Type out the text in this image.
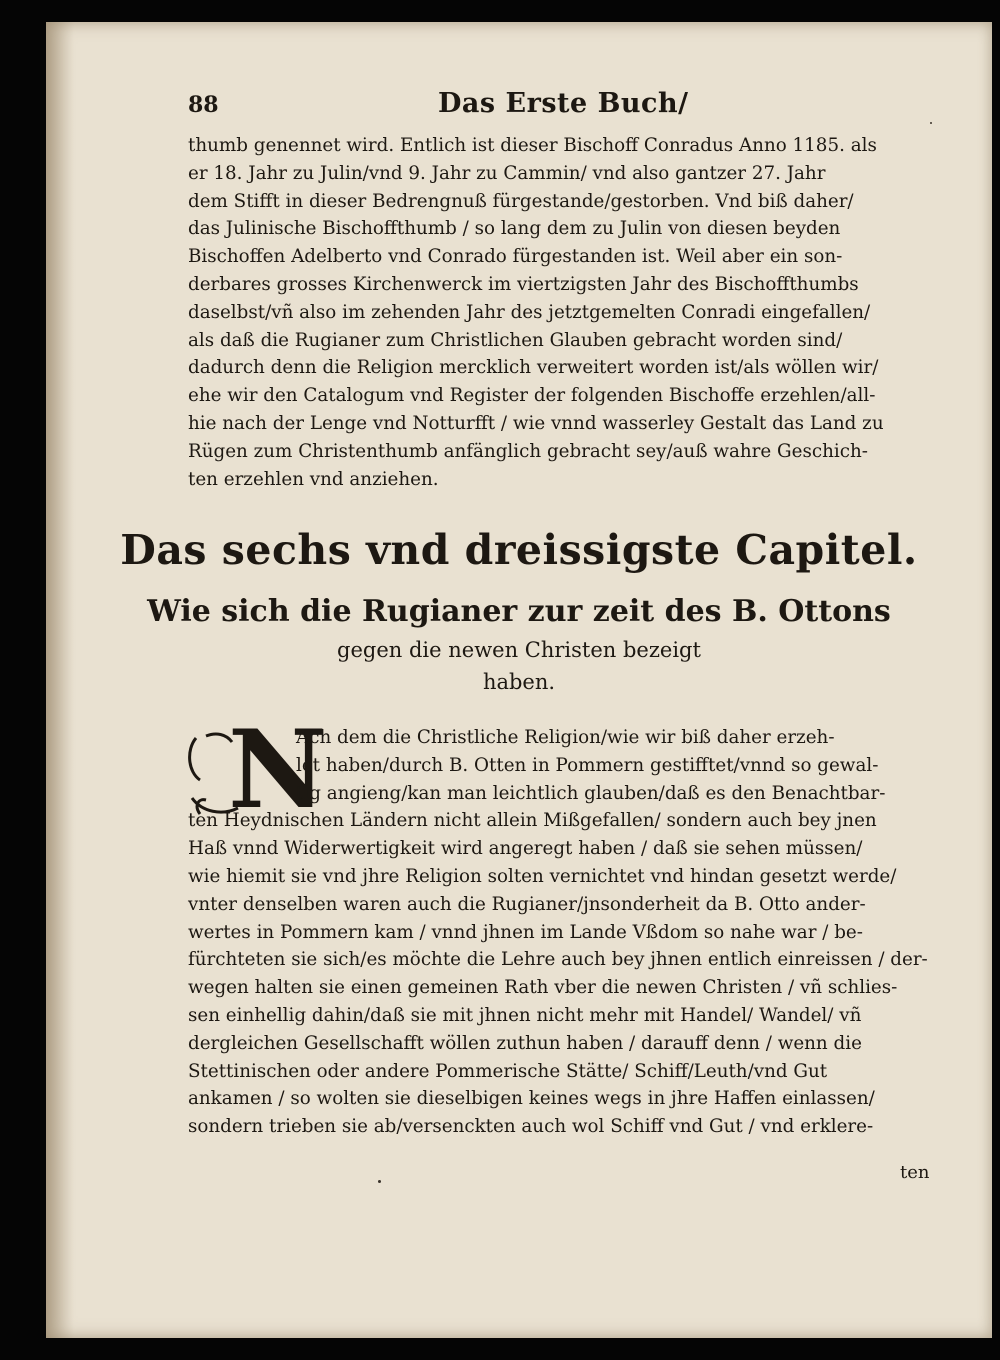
88	Das Erste Buch/
thumb genennet wird. Entlich ist dieser Bischoff Conradus Anno 1185. als
er 18. Jahr zu Julin/vnd 9. Jahr zu Cammin/ vnd also gantzer 27. Jahr
dem Stifft in dieser Bedrengnuß fürgestande/gestorben. Vnd biß daher/
das Julinische Bischoffthumb / so lang dem zu Julin von diesen beyden
Bischoffen Adelberto vnd Conrado fürgestanden ist. Weil aber ein son-
derbares grosses Kirchenwerck im viertzigsten Jahr des Bischoffthumbs
daselbst/vñ also im zehenden Jahr des jetztgemelten Conradi eingefallen/
als daß die Rugianer zum Christlichen Glauben gebracht worden sind/
dadurch denn die Religion mercklich verweitert worden ist/als wöllen wir/
ehe wir den Catalogum vnd Register der folgenden Bischoffe erzehlen/all-
hie nach der Lenge vnd Notturfft / wie vnnd wasserley Gestalt das Land zu
Rügen zum Christenthumb anfänglich gebracht sey/auß wahre Geschich-
ten erzehlen vnd anziehen.
Das sechs vnd dreissigste Capitel.
Wie sich die Rugianer zur zeit des B. Ottons
gegen die newen Christen bezeigt
haben.
N
Ach dem die Christliche Religion/wie wir biß daher erzeh-
let haben/durch B. Otten in Pommern gestifftet/vnnd so gewal-
tig angieng/kan man leichtlich glauben/daß es den Benachtbar-
ten Heydnischen Ländern nicht allein Mißgefallen/ sondern auch bey jnen
Haß vnnd Widerwertigkeit wird angeregt haben / daß sie sehen müssen/
wie hiemit sie vnd jhre Religion solten vernichtet vnd hindan gesetzt werde/
vnter denselben waren auch die Rugianer/jnsonderheit da B. Otto ander-
wertes in Pommern kam / vnnd jhnen im Lande Vßdom so nahe war / be-
fürchteten sie sich/es möchte die Lehre auch bey jhnen entlich einreissen / der-
wegen halten sie einen gemeinen Rath vber die newen Christen / vñ schlies-
sen einhellig dahin/daß sie mit jhnen nicht mehr mit Handel/ Wandel/ vñ
dergleichen Gesellschafft wöllen zuthun haben / darauff denn / wenn die
Stettinischen oder andere Pommerische Stätte/ Schiff/Leuth/vnd Gut
ankamen / so wolten sie dieselbigen keines wegs in jhre Haffen einlassen/
sondern trieben sie ab/versenckten auch wol Schiff vnd Gut / vnd erklere-
ten
